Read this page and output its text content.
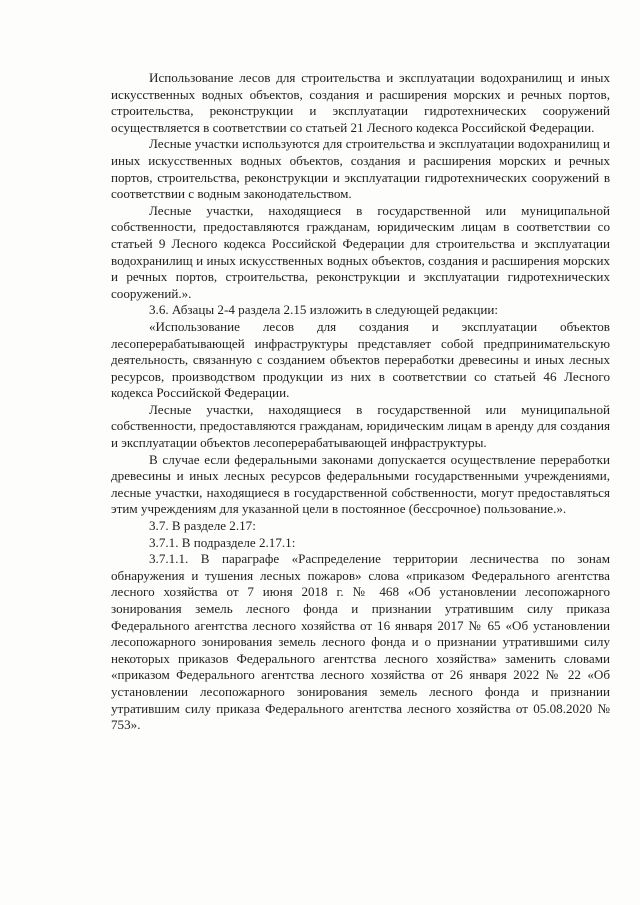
Использование лесов для строительства и эксплуатации водохранилищ и иных искусственных водных объектов, создания и расширения морских и речных портов, строительства, реконструкции и эксплуатации гидротехнических сооружений осуществляется в соответствии со статьей 21 Лесного кодекса Российской Федерации.

Лесные участки используются для строительства и эксплуатации водохранилищ и иных искусственных водных объектов, создания и расширения морских и речных портов, строительства, реконструкции и эксплуатации гидротехнических сооружений в соответствии с водным законодательством.

Лесные участки, находящиеся в государственной или муниципальной собственности, предоставляются гражданам, юридическим лицам в соответствии со статьей 9 Лесного кодекса Российской Федерации для строительства и эксплуатации водохранилищ и иных искусственных водных объектов, создания и расширения морских и речных портов, строительства, реконструкции и эксплуатации гидротехнических сооружений.».

3.6. Абзацы 2-4 раздела 2.15 изложить в следующей редакции:

«Использование лесов для создания и эксплуатации объектов лесоперерабатывающей инфраструктуры представляет собой предпринимательскую деятельность, связанную с созданием объектов переработки древесины и иных лесных ресурсов, производством продукции из них в соответствии со статьей 46 Лесного кодекса Российской Федерации.

Лесные участки, находящиеся в государственной или муниципальной собственности, предоставляются гражданам, юридическим лицам в аренду для создания и эксплуатации объектов лесоперерабатывающей инфраструктуры.

В случае если федеральными законами допускается осуществление переработки древесины и иных лесных ресурсов федеральными государственными учреждениями, лесные участки, находящиеся в государственной собственности, могут предоставляться этим учреждениям для указанной цели в постоянное (бессрочное) пользование.».

3.7. В разделе 2.17:

3.7.1. В подразделе 2.17.1:

3.7.1.1. В параграфе «Распределение территории лесничества по зонам обнаружения и тушения лесных пожаров» слова «приказом Федерального агентства лесного хозяйства от 7 июня 2018 г. № 468 «Об установлении лесопожарного зонирования земель лесного фонда и признании утратившим силу приказа Федерального агентства лесного хозяйства от 16 января 2017 № 65 «Об установлении лесопожарного зонирования земель лесного фонда и о признании утратившими силу некоторых приказов Федерального агентства лесного хозяйства» заменить словами «приказом Федерального агентства лесного хозяйства от 26 января 2022 № 22 «Об установлении лесопожарного зонирования земель лесного фонда и признании утратившим силу приказа Федерального агентства лесного хозяйства от 05.08.2020 № 753».
